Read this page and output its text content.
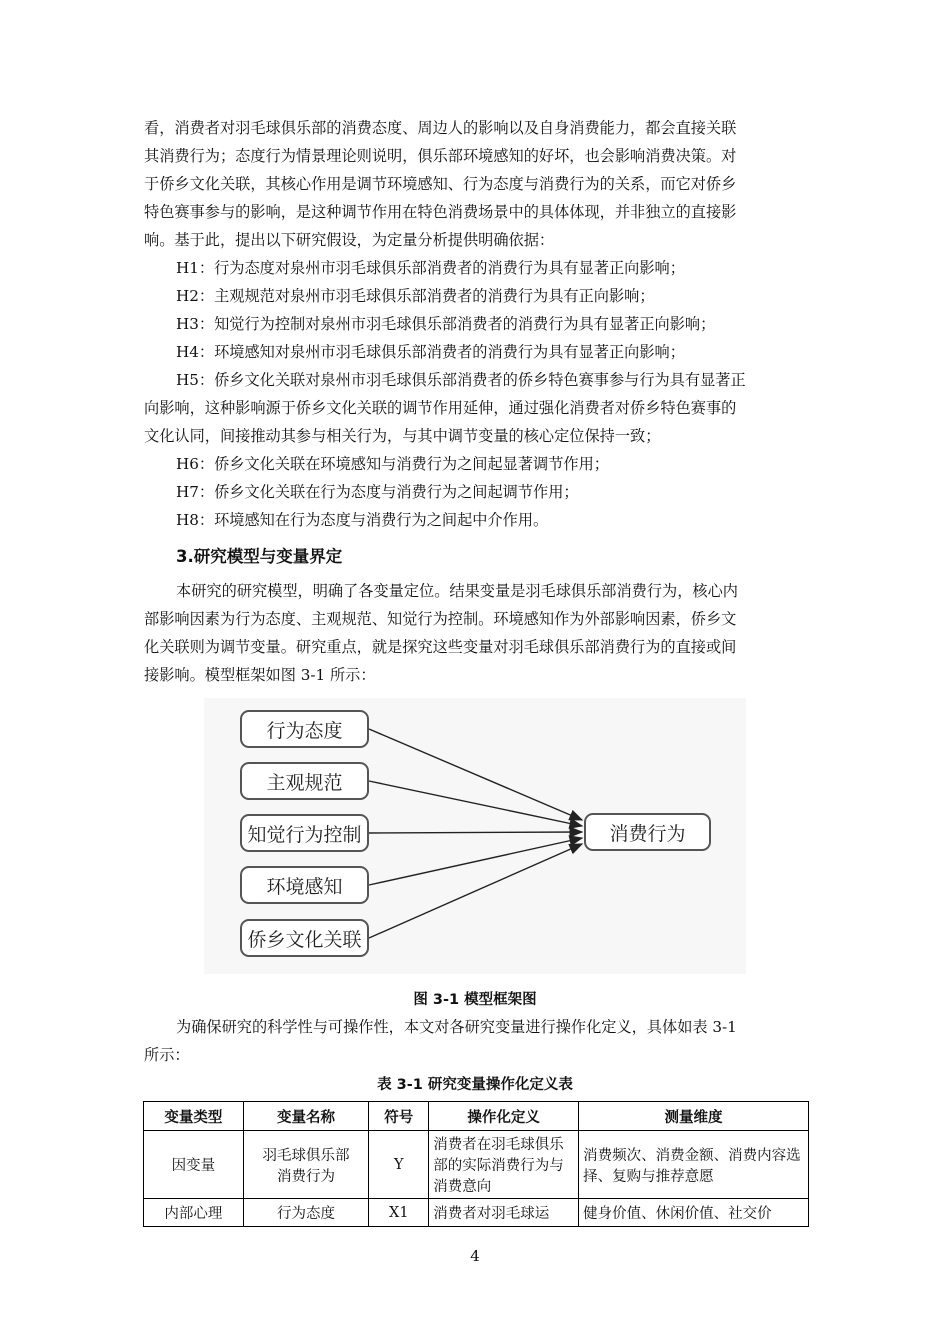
看，消费者对羽毛球俱乐部的消费态度、周边人的影响以及自身消费能力，都会直接关联
其消费行为；态度行为情景理论则说明，俱乐部环境感知的好坏，也会影响消费决策。对
于侨乡文化关联，其核心作用是调节环境感知、行为态度与消费行为的关系，而它对侨乡
特色赛事参与的影响，是这种调节作用在特色消费场景中的具体体现，并非独立的直接影
响。基于此，提出以下研究假设，为定量分析提供明确依据：
H1：行为态度对泉州市羽毛球俱乐部消费者的消费行为具有显著正向影响；
H2：主观规范对泉州市羽毛球俱乐部消费者的消费行为具有正向影响；
H3：知觉行为控制对泉州市羽毛球俱乐部消费者的消费行为具有显著正向影响；
H4：环境感知对泉州市羽毛球俱乐部消费者的消费行为具有显著正向影响；
H5：侨乡文化关联对泉州市羽毛球俱乐部消费者的侨乡特色赛事参与行为具有显著正
向影响，这种影响源于侨乡文化关联的调节作用延伸，通过强化消费者对侨乡特色赛事的
文化认同，间接推动其参与相关行为，与其中调节变量的核心定位保持一致；
H6：侨乡文化关联在环境感知与消费行为之间起显著调节作用；
H7：侨乡文化关联在行为态度与消费行为之间起调节作用；
H8：环境感知在行为态度与消费行为之间起中介作用。
3.研究模型与变量界定
本研究的研究模型，明确了各变量定位。结果变量是羽毛球俱乐部消费行为，核心内
部影响因素为行为态度、主观规范、知觉行为控制。环境感知作为外部影响因素，侨乡文
化关联则为调节变量。研究重点，就是探究这些变量对羽毛球俱乐部消费行为的直接或间
接影响。模型框架如图 3-1 所示：
行为态度
主观规范
知觉行为控制
环境感知
侨乡文化关联
消费行为
图 3-1 模型框架图
为确保研究的科学性与可操作性，本文对各研究变量进行操作化定义，具体如表 3-1
所示：
表 3-1 研究变量操作化定义表
变量类型	变量名称	符号	操作化定义	测量维度
因变量	羽毛球俱乐部消费行为	Y	消费者在羽毛球俱乐部的实际消费行为与消费意向	消费频次、消费金额、消费内容选择、复购与推荐意愿
内部心理	行为态度	X1	消费者对羽毛球运	健身价值、休闲价值、社交价
4
